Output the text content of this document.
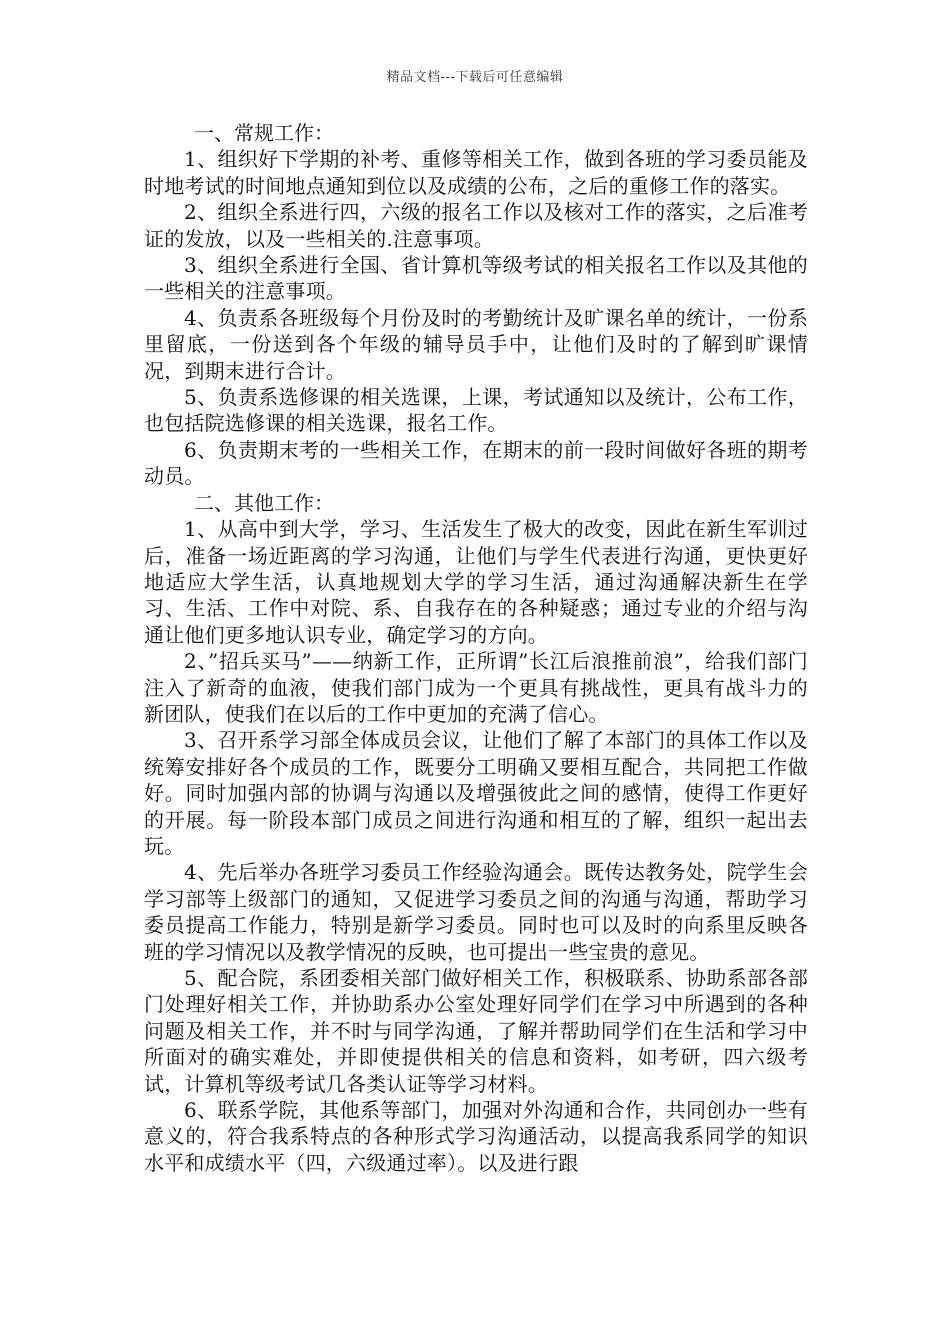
精品文档---下载后可任意编辑

一、常规工作：

1、组织好下学期的补考、重修等相关工作，做到各班的学习委员能及时地考试的时间地点通知到位以及成绩的公布，之后的重修工作的落实。

2、组织全系进行四，六级的报名工作以及核对工作的落实，之后准考证的发放，以及一些相关的.注意事项。

3、组织全系进行全国、省计算机等级考试的相关报名工作以及其他的一些相关的注意事项。

4、负责系各班级每个月份及时的考勤统计及旷课名单的统计，一份系里留底，一份送到各个年级的辅导员手中，让他们及时的了解到旷课情况，到期末进行合计。

5、负责系选修课的相关选课，上课，考试通知以及统计，公布工作，也包括院选修课的相关选课，报名工作。

6、负责期末考的一些相关工作，在期末的前一段时间做好各班的期考动员。

二、其他工作：

1、从高中到大学，学习、生活发生了极大的改变，因此在新生军训过后，准备一场近距离的学习沟通，让他们与学生代表进行沟通，更快更好地适应大学生活，认真地规划大学的学习生活，通过沟通解决新生在学习、生活、工作中对院、系、自我存在的各种疑惑；通过专业的介绍与沟通让他们更多地认识专业，确定学习的方向。

2、”招兵买马”——纳新工作，正所谓”长江后浪推前浪”，给我们部门注入了新奇的血液，使我们部门成为一个更具有挑战性，更具有战斗力的新团队，使我们在以后的工作中更加的充满了信心。

3、召开系学习部全体成员会议，让他们了解了本部门的具体工作以及统筹安排好各个成员的工作，既要分工明确又要相互配合，共同把工作做好。同时加强内部的协调与沟通以及增强彼此之间的感情，使得工作更好的开展。每一阶段本部门成员之间进行沟通和相互的了解，组织一起出去玩。

4、先后举办各班学习委员工作经验沟通会。既传达教务处，院学生会学习部等上级部门的通知，又促进学习委员之间的沟通与沟通，帮助学习委员提高工作能力，特别是新学习委员。同时也可以及时的向系里反映各班的学习情况以及教学情况的反映，也可提出一些宝贵的意见。

5、配合院，系团委相关部门做好相关工作，积极联系、协助系部各部门处理好相关工作，并协助系办公室处理好同学们在学习中所遇到的各种问题及相关工作，并不时与同学沟通，了解并帮助同学们在生活和学习中所面对的确实难处，并即使提供相关的信息和资料，如考研，四六级考试，计算机等级考试几各类认证等学习材料。

6、联系学院，其他系等部门，加强对外沟通和合作，共同创办一些有意义的，符合我系特点的各种形式学习沟通活动，以提高我系同学的知识水平和成绩水平（四，六级通过率）。以及进行跟
